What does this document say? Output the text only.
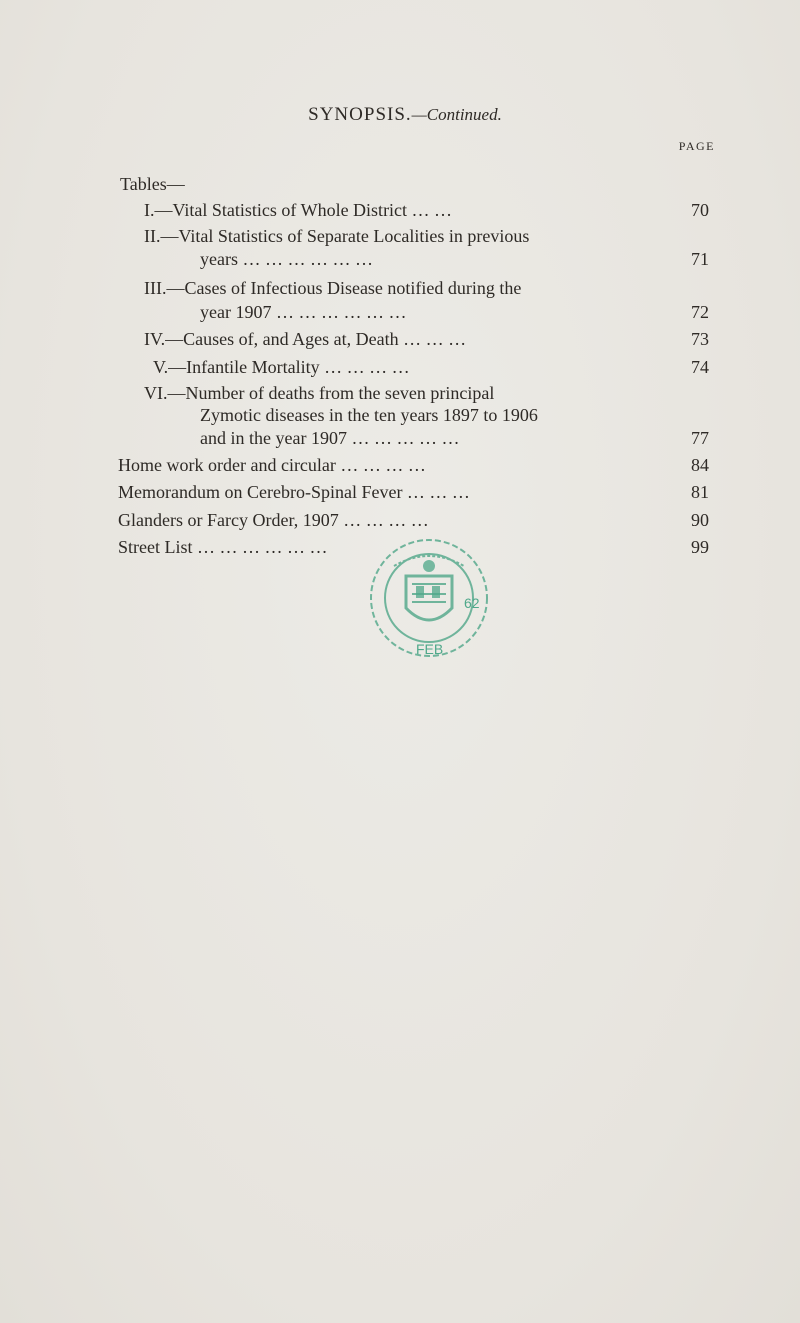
SYNOPSIS.—Continued.
PAGE
Tables—
I.—Vital Statistics of Whole District … …	70
II.—Vital Statistics of Separate Localities in previous
years … … … … … …	71
III.—Cases of Infectious Disease notified during the
year 1907 … … … … … …	72
IV.—Causes of, and Ages at, Death … … …	73
V.—Infantile Mortality … … … …	74
VI.—Number of deaths from the seven principal
Zymotic diseases in the ten years 1897 to 1906
and in the year 1907 … … … … …	77
Home work order and circular … … … …	84
Memorandum on Cerebro-Spinal Fever … … …	81
Glanders or Farcy Order, 1907 … … … …	90
Street List … … … … … …	99
62
FEB
